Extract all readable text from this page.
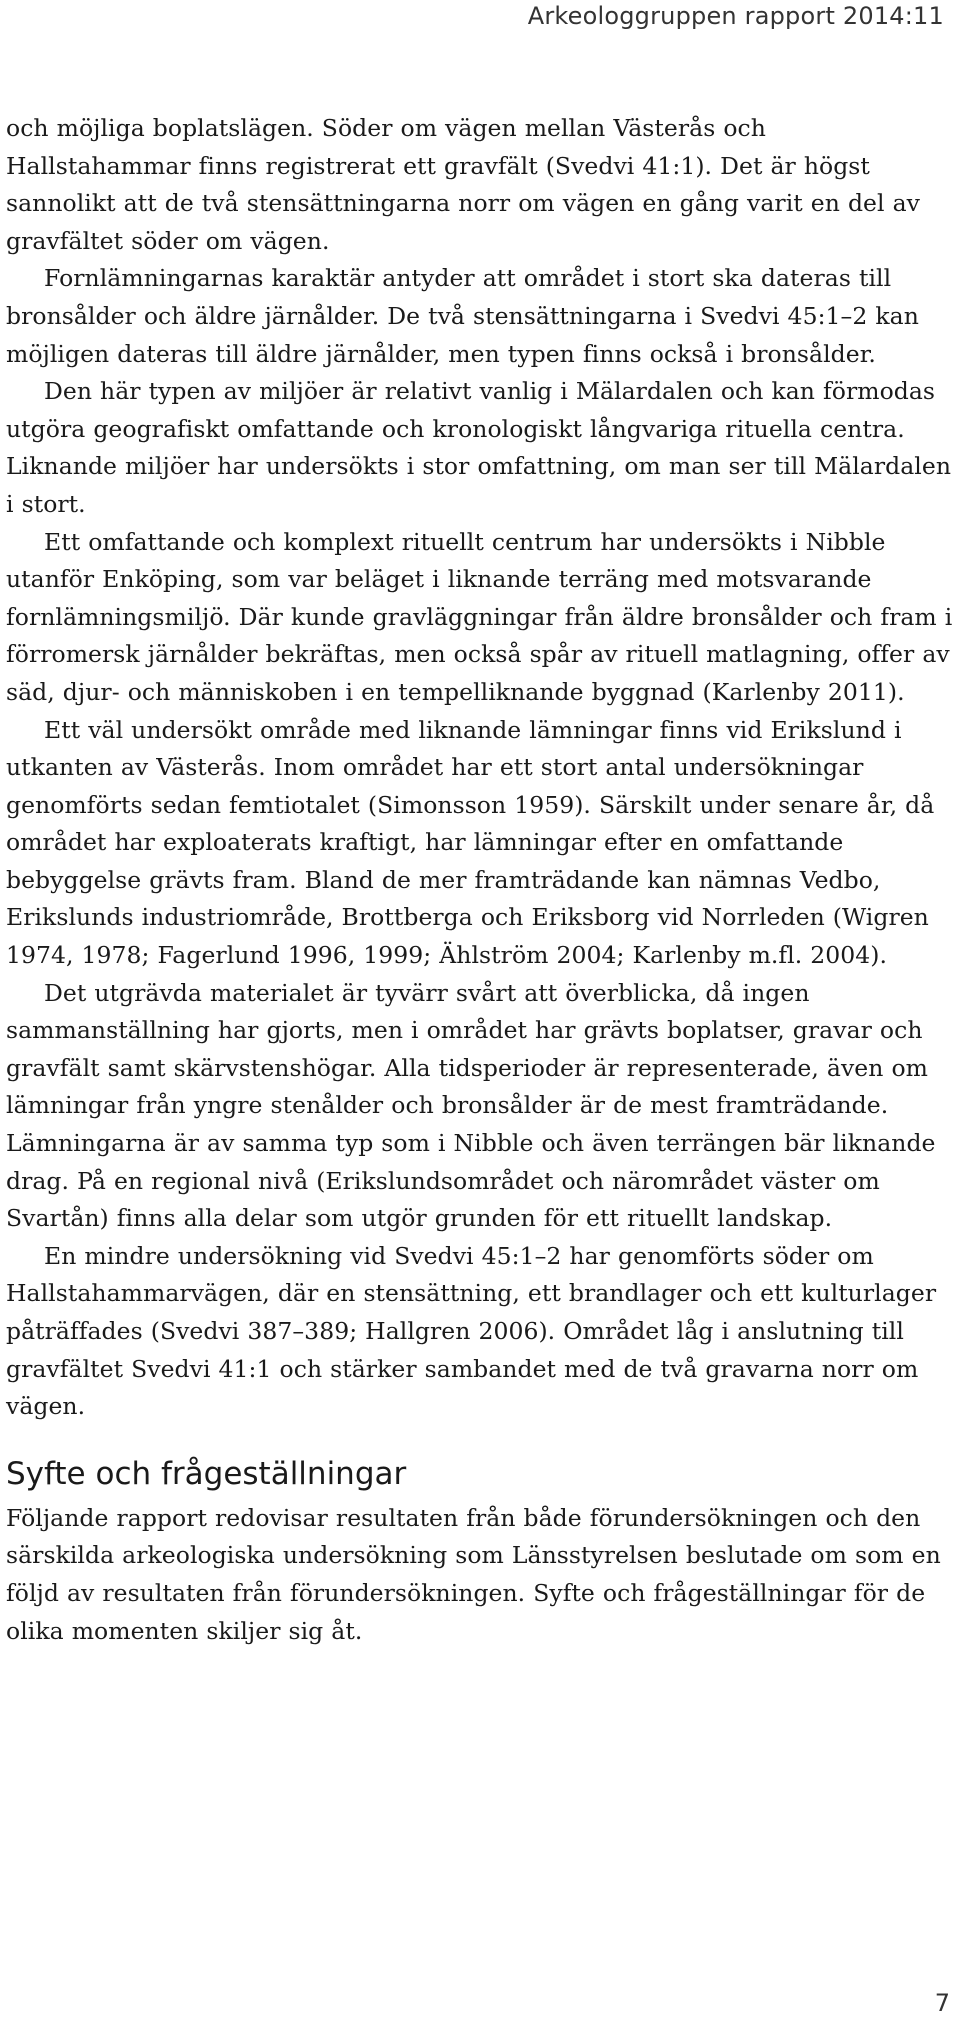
Arkeologgruppen rapport 2014:11

och möjliga boplatslägen. Söder om vägen mellan Västerås och Hallstahammar finns registrerat ett gravfält (Svedvi 41:1). Det är högst sannolikt att de två stensättningarna norr om vägen en gång varit en del av gravfältet söder om vägen.

Fornlämningarnas karaktär antyder att området i stort ska dateras till bronsålder och äldre järnålder. De två stensättningarna i Svedvi 45:1–2 kan möjligen dateras till äldre järnålder, men typen finns också i bronsålder.

Den här typen av miljöer är relativt vanlig i Mälardalen och kan förmodas utgöra geografiskt omfattande och kronologiskt långvariga rituella centra. Liknande miljöer har undersökts i stor omfattning, om man ser till Mälardalen i stort.

Ett omfattande och komplext rituellt centrum har undersökts i Nibble utanför Enköping, som var beläget i liknande terräng med motsvarande fornlämningsmiljö. Där kunde gravläggningar från äldre bronsålder och fram i förromersk järnålder bekräftas, men också spår av rituell matlagning, offer av säd, djur- och människoben i en tempelliknande byggnad (Karlenby 2011).

Ett väl undersökt område med liknande lämningar finns vid Erikslund i utkanten av Västerås. Inom området har ett stort antal undersökningar genomförts sedan femtiotalet (Simonsson 1959). Särskilt under senare år, då området har exploaterats kraftigt, har lämningar efter en omfattande bebyggelse grävts fram. Bland de mer framträdande kan nämnas Vedbo, Erikslunds industriområde, Brottberga och Eriksborg vid Norrleden (Wigren 1974, 1978; Fagerlund 1996, 1999; Ählström 2004; Karlenby m.fl. 2004).

Det utgrävda materialet är tyvärr svårt att överblicka, då ingen sammanställning har gjorts, men i området har grävts boplatser, gravar och gravfält samt skärvstenshögar. Alla tidsperioder är representerade, även om lämningar från yngre stenålder och bronsålder är de mest framträdande. Lämningarna är av samma typ som i Nibble och även terrängen bär liknande drag. På en regional nivå (Erikslundsområdet och närområdet väster om Svartån) finns alla delar som utgör grunden för ett rituellt landskap.

En mindre undersökning vid Svedvi 45:1–2 har genomförts söder om Hallstahammarvägen, där en stensättning, ett brandlager och ett kulturlager påträffades (Svedvi 387–389; Hallgren 2006). Området låg i anslutning till gravfältet Svedvi 41:1 och stärker sambandet med de två gravarna norr om vägen.

Syfte och frågeställningar

Följande rapport redovisar resultaten från både förundersökningen och den särskilda arkeologiska undersökning som Länsstyrelsen beslutade om som en följd av resultaten från förundersökningen. Syfte och frågeställningar för de olika momenten skiljer sig åt.

7
